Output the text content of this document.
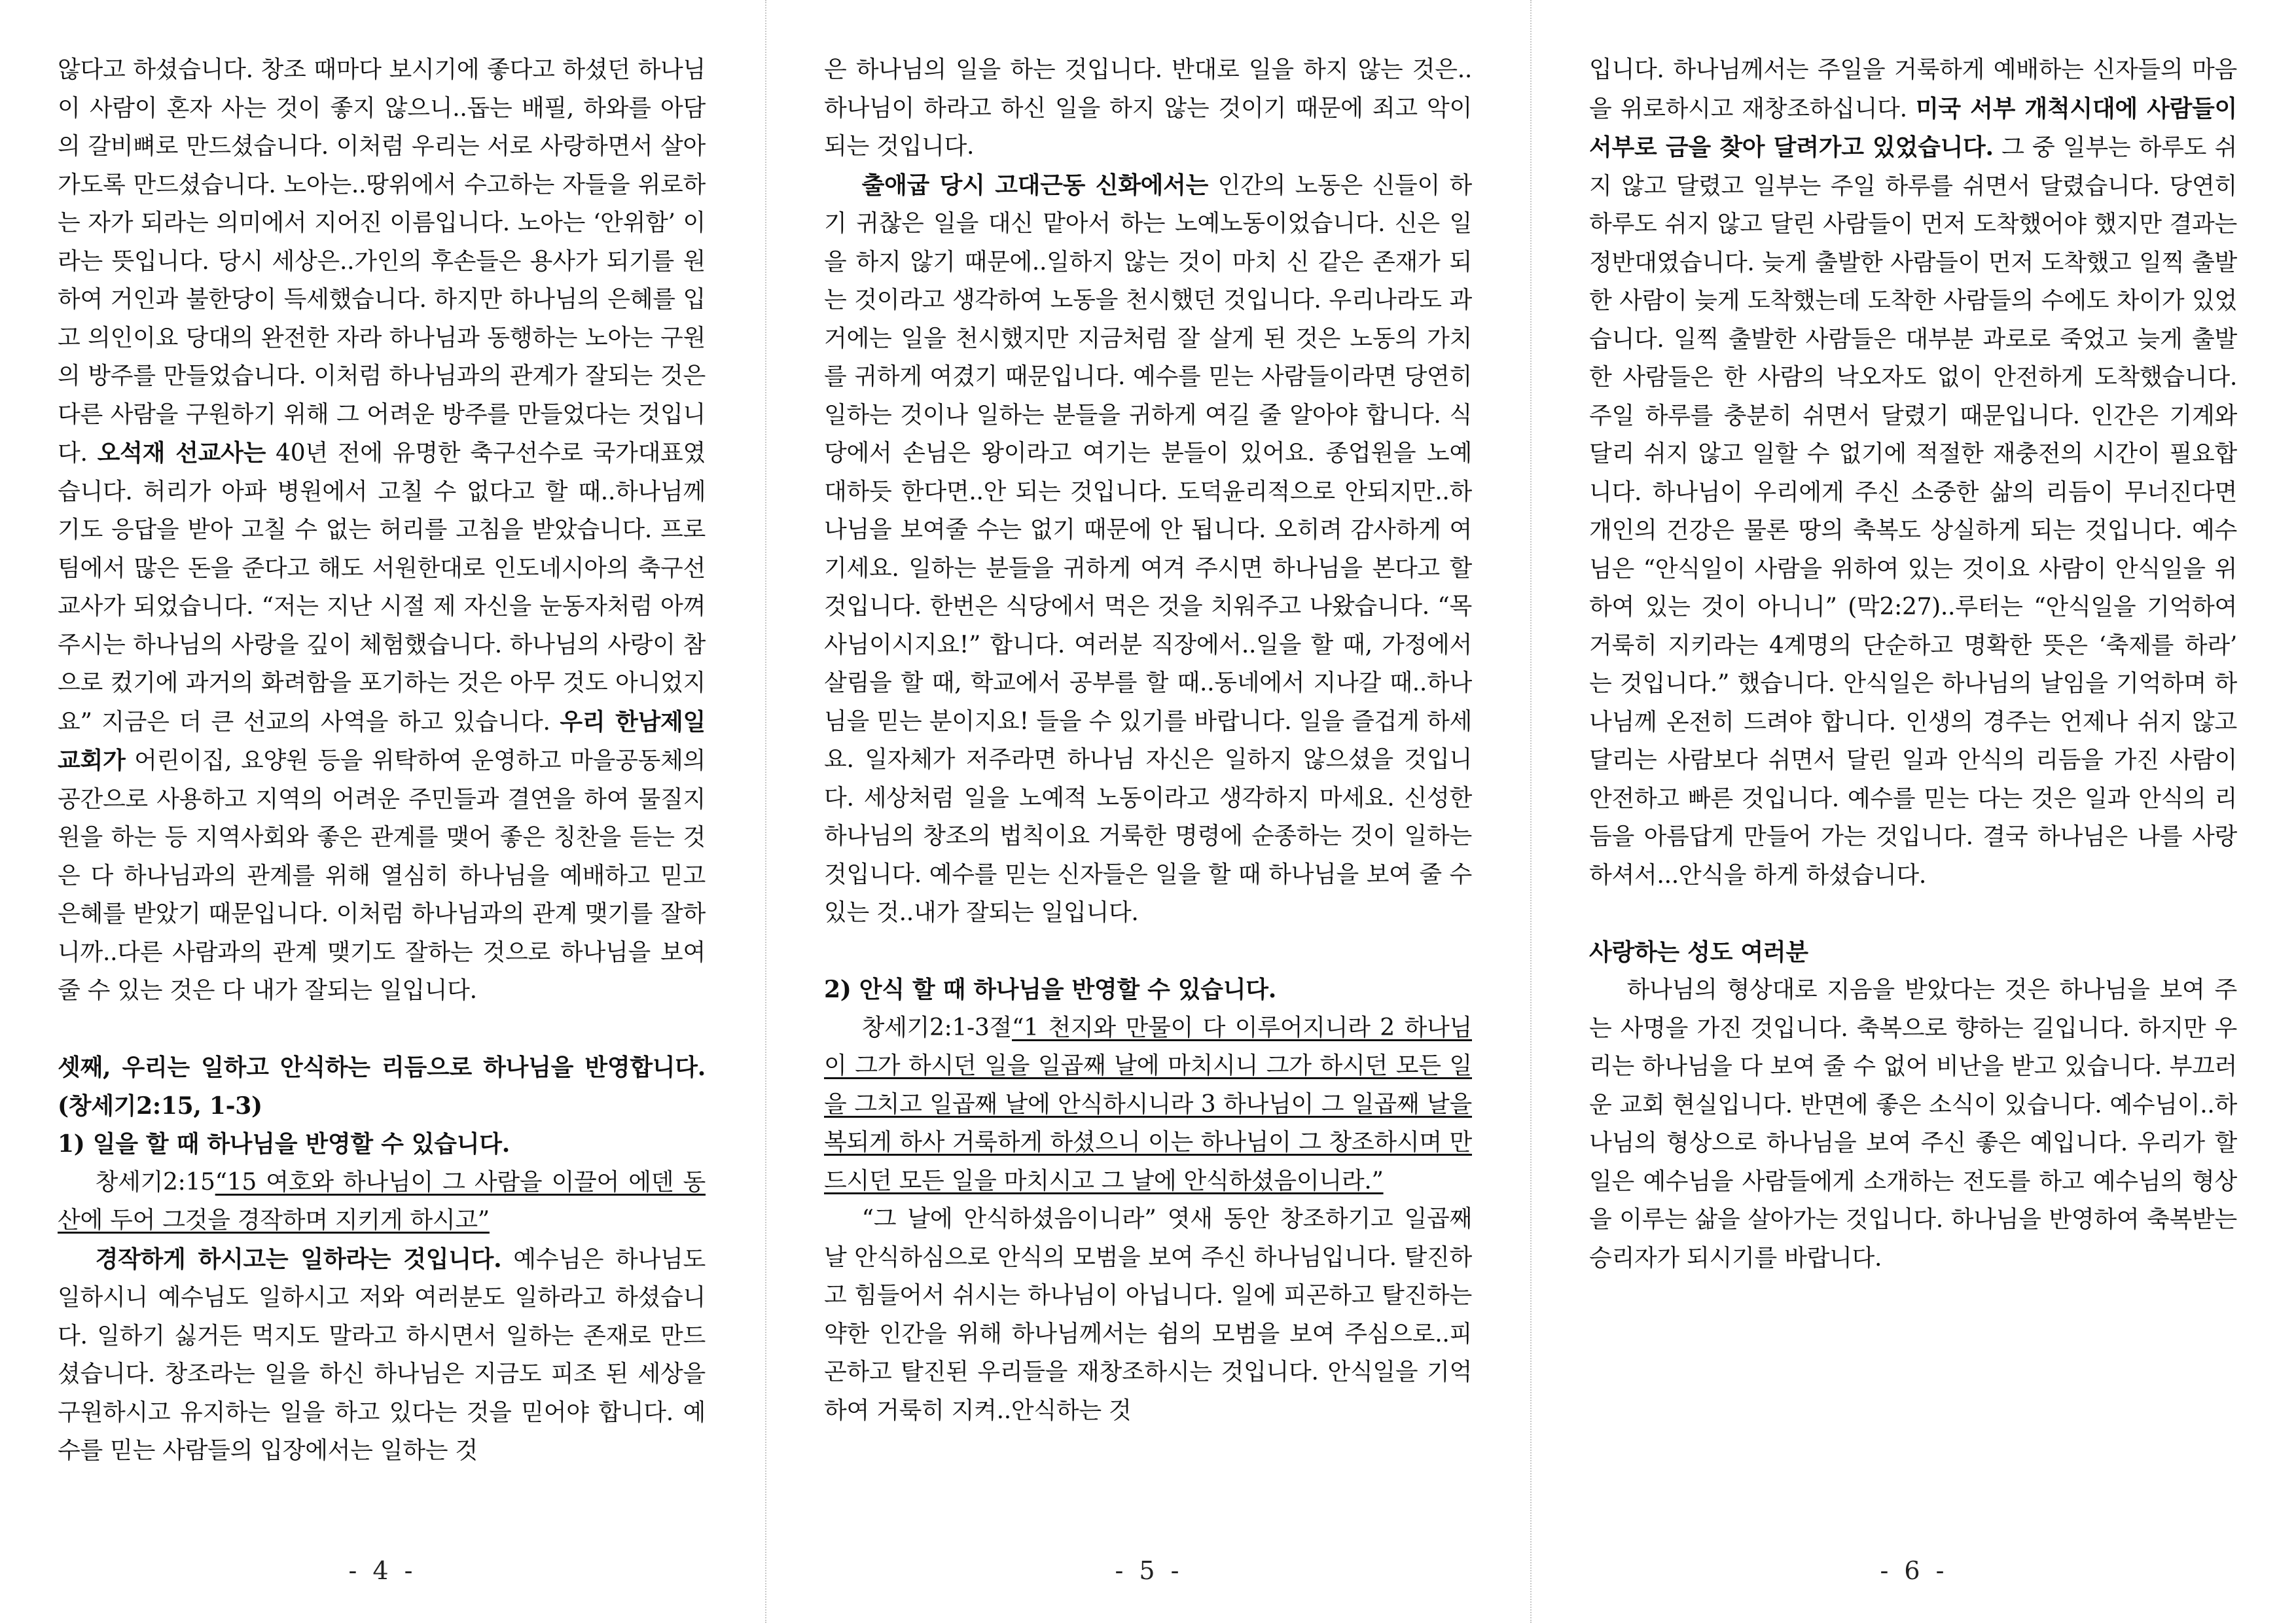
않다고 하셨습니다. 창조 때마다 보시기에 좋다고 하셨던 하나님이 사람이 혼자 사는 것이 좋지 않으니..돕는 배필, 하와를 아담의 갈비뼈로 만드셨습니다. 이처럼 우리는 서로 사랑하면서 살아가도록 만드셨습니다. 노아는..땅위에서 수고하는 자들을 위로하는 자가 되라는 의미에서 지어진 이름입니다. 노아는 ‘안위함’ 이라는 뜻입니다. 당시 세상은..가인의 후손들은 용사가 되기를 원하여 거인과 불한당이 득세했습니다. 하지만 하나님의 은혜를 입고 의인이요 당대의 완전한 자라 하나님과 동행하는 노아는 구원의 방주를 만들었습니다. 이처럼 하나님과의 관계가 잘되는 것은 다른 사람을 구원하기 위해 그 어려운 방주를 만들었다는 것입니다. 오석재 선교사는 40년 전에 유명한 축구선수로 국가대표였습니다. 허리가 아파 병원에서 고칠 수 없다고 할 때..하나님께 기도 응답을 받아 고칠 수 없는 허리를 고침을 받았습니다. 프로팀에서 많은 돈을 준다고 해도 서원한대로 인도네시아의 축구선교사가 되었습니다. “저는 지난 시절 제 자신을 눈동자처럼 아껴주시는 하나님의 사랑을 깊이 체험했습니다. 하나님의 사랑이 참으로 컸기에 과거의 화려함을 포기하는 것은 아무 것도 아니었지요” 지금은 더 큰 선교의 사역을 하고 있습니다. 우리 한남제일교회가 어린이집, 요양원 등을 위탁하여 운영하고 마을공동체의 공간으로 사용하고 지역의 어려운 주민들과 결연을 하여 물질지원을 하는 등 지역사회와 좋은 관계를 맺어 좋은 칭찬을 듣는 것은 다 하나님과의 관계를 위해 열심히 하나님을 예배하고 믿고 은혜를 받았기 때문입니다. 이처럼 하나님과의 관계 맺기를 잘하니까..다른 사람과의 관계 맺기도 잘하는 것으로 하나님을 보여 줄 수 있는 것은 다 내가 잘되는 일입니다.

셋째, 우리는 일하고 안식하는 리듬으로 하나님을 반영합니다. (창세기2:15, 1-3)

1) 일을 할 때 하나님을 반영할 수 있습니다.

창세기2:15“15 여호와 하나님이 그 사람을 이끌어 에덴 동산에 두어 그것을 경작하며 지키게 하시고”

경작하게 하시고는 일하라는 것입니다. 예수님은 하나님도 일하시니 예수님도 일하시고 저와 여러분도 일하라고 하셨습니다. 일하기 싫거든 먹지도 말라고 하시면서 일하는 존재로 만드셨습니다. 창조라는 일을 하신 하나님은 지금도 피조 된 세상을 구원하시고 유지하는 일을 하고 있다는 것을 믿어야 합니다. 예수를 믿는 사람들의 입장에서는 일하는 것

- 4 -

은 하나님의 일을 하는 것입니다. 반대로 일을 하지 않는 것은..하나님이 하라고 하신 일을 하지 않는 것이기 때문에 죄고 악이 되는 것입니다.

출애굽 당시 고대근동 신화에서는 인간의 노동은 신들이 하기 귀찮은 일을 대신 맡아서 하는 노예노동이었습니다. 신은 일을 하지 않기 때문에..일하지 않는 것이 마치 신 같은 존재가 되는 것이라고 생각하여 노동을 천시했던 것입니다. 우리나라도 과거에는 일을 천시했지만 지금처럼 잘 살게 된 것은 노동의 가치를 귀하게 여겼기 때문입니다. 예수를 믿는 사람들이라면 당연히 일하는 것이나 일하는 분들을 귀하게 여길 줄 알아야 합니다. 식당에서 손님은 왕이라고 여기는 분들이 있어요. 종업원을 노예 대하듯 한다면..안 되는 것입니다. 도덕윤리적으로 안되지만..하나님을 보여줄 수는 없기 때문에 안 됩니다. 오히려 감사하게 여기세요. 일하는 분들을 귀하게 여겨 주시면 하나님을 본다고 할 것입니다. 한번은 식당에서 먹은 것을 치워주고 나왔습니다. “목사님이시지요!” 합니다. 여러분 직장에서..일을 할 때, 가정에서 살림을 할 때, 학교에서 공부를 할 때..동네에서 지나갈 때..하나님을 믿는 분이지요! 들을 수 있기를 바랍니다. 일을 즐겁게 하세요. 일자체가 저주라면 하나님 자신은 일하지 않으셨을 것입니다. 세상처럼 일을 노예적 노동이라고 생각하지 마세요. 신성한 하나님의 창조의 법칙이요 거룩한 명령에 순종하는 것이 일하는 것입니다. 예수를 믿는 신자들은 일을 할 때 하나님을 보여 줄 수 있는 것..내가 잘되는 일입니다.

2) 안식 할 때 하나님을 반영할 수 있습니다.

창세기2:1-3절“1 천지와 만물이 다 이루어지니라 2 하나님이 그가 하시던 일을 일곱째 날에 마치시니 그가 하시던 모든 일을 그치고 일곱째 날에 안식하시니라 3 하나님이 그 일곱째 날을 복되게 하사 거룩하게 하셨으니 이는 하나님이 그 창조하시며 만드시던 모든 일을 마치시고 그 날에 안식하셨음이니라.”

“그 날에 안식하셨음이니라” 엿새 동안 창조하기고 일곱째 날 안식하심으로 안식의 모범을 보여 주신 하나님입니다. 탈진하고 힘들어서 쉬시는 하나님이 아닙니다. 일에 피곤하고 탈진하는 약한 인간을 위해 하나님께서는 쉼의 모범을 보여 주심으로..피곤하고 탈진된 우리들을 재창조하시는 것입니다. 안식일을 기억하여 거룩히 지켜..안식하는 것

- 5 -

입니다. 하나님께서는 주일을 거룩하게 예배하는 신자들의 마음을 위로하시고 재창조하십니다. 미국 서부 개척시대에 사람들이 서부로 금을 찾아 달려가고 있었습니다. 그 중 일부는 하루도 쉬지 않고 달렸고 일부는 주일 하루를 쉬면서 달렸습니다. 당연히 하루도 쉬지 않고 달린 사람들이 먼저 도착했어야 했지만 결과는 정반대였습니다. 늦게 출발한 사람들이 먼저 도착했고 일찍 출발한 사람이 늦게 도착했는데 도착한 사람들의 수에도 차이가 있었습니다. 일찍 출발한 사람들은 대부분 과로로 죽었고 늦게 출발한 사람들은 한 사람의 낙오자도 없이 안전하게 도착했습니다. 주일 하루를 충분히 쉬면서 달렸기 때문입니다. 인간은 기계와 달리 쉬지 않고 일할 수 없기에 적절한 재충전의 시간이 필요합니다. 하나님이 우리에게 주신 소중한 삶의 리듬이 무너진다면 개인의 건강은 물론 땅의 축복도 상실하게 되는 것입니다. 예수님은 “안식일이 사람을 위하여 있는 것이요 사람이 안식일을 위하여 있는 것이 아니니” (막2:27)..루터는 “안식일을 기억하여 거룩히 지키라는 4계명의 단순하고 명확한 뜻은 ‘축제를 하라’ 는 것입니다.” 했습니다. 안식일은 하나님의 날임을 기억하며 하나님께 온전히 드려야 합니다. 인생의 경주는 언제나 쉬지 않고 달리는 사람보다 쉬면서 달린 일과 안식의 리듬을 가진 사람이 안전하고 빠른 것입니다. 예수를 믿는 다는 것은 일과 안식의 리듬을 아름답게 만들어 가는 것입니다. 결국 하나님은 나를 사랑하셔서...안식을 하게 하셨습니다.

사랑하는 성도 여러분

하나님의 형상대로 지음을 받았다는 것은 하나님을 보여 주는 사명을 가진 것입니다. 축복으로 향하는 길입니다. 하지만 우리는 하나님을 다 보여 줄 수 없어 비난을 받고 있습니다. 부끄러운 교회 현실입니다. 반면에 좋은 소식이 있습니다. 예수님이..하나님의 형상으로 하나님을 보여 주신 좋은 예입니다. 우리가 할 일은 예수님을 사람들에게 소개하는 전도를 하고 예수님의 형상을 이루는 삶을 살아가는 것입니다. 하나님을 반영하여 축복받는 승리자가 되시기를 바랍니다.

- 6 -
